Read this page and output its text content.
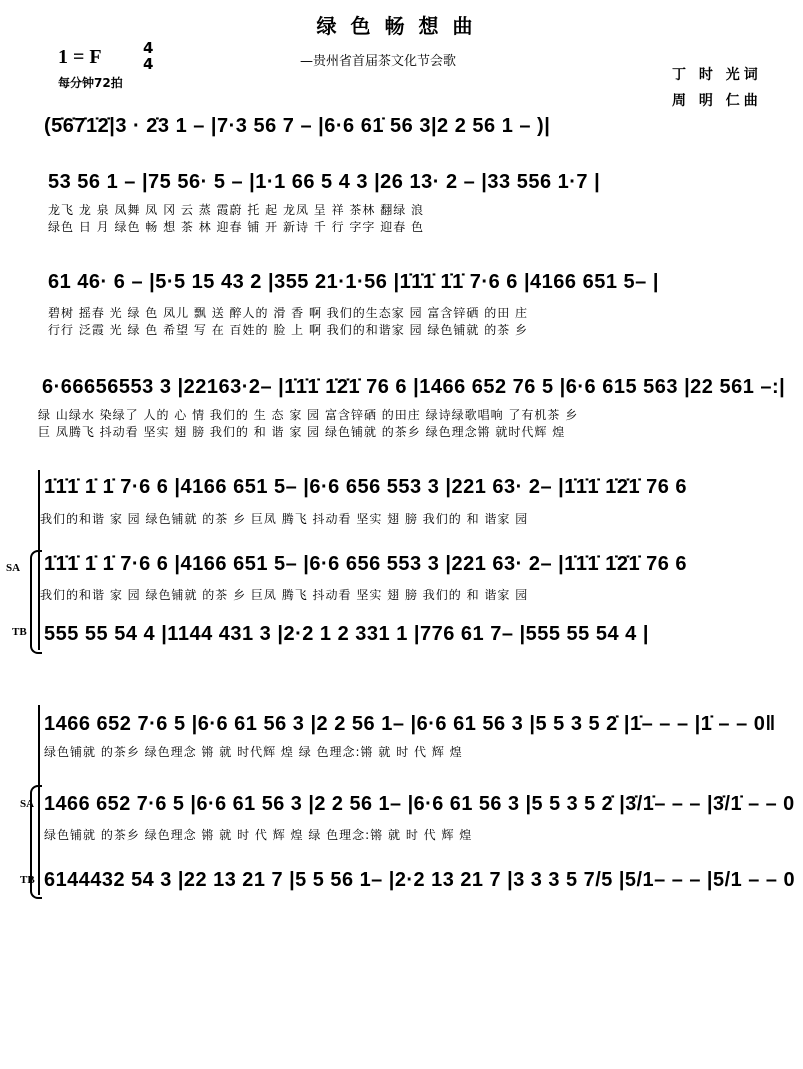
绿色畅想曲
—贵州省首届茶文化节会歌
1 = F	4
4
每分钟72拍	丁 时 光词
周 明 仁曲
(5̇6̇7̇1̇2̇|3 · 2̇3 1 – |7·3 56 7 – |6·6 61̇ 56 3|2 2 56 1 – )|
53 56 1 – |75 56· 5 – |1·1 66 5 4 3 |26 13· 2 – |33 556 1·7 |
龙飞 龙 泉 凤舞 凤 冈 云 蒸 霞蔚 托 起 龙凤 呈 祥 茶林 翻绿 浪
绿色 日 月 绿色 畅 想 茶 林 迎春 铺 开 新诗 千 行 字字 迎春 色
61 46· 6 – |5·5 15 43 2 |355 21·1·56 |1̇1̇1̇ 1̇1̇ 7·6 6 |4166 651 5– |
碧树 摇春 光 绿 色 凤儿 飘 送 醉人的 滑 香 啊 我们的生态家 园 富含锌硒 的田 庄
行行 泛霞 光 绿 色 希望 写 在 百姓的 脸 上 啊 我们的和谐家 园 绿色铺就 的茶 乡
6·66656553 3 |22163·2– |1̇1̇1̇ 1̇2̇1̇ 76 6 |1466 652 76 5 |6·6 615 563 |22 561 –:|
绿 山绿水 染绿了 人的 心 情 我们的 生 态 家 园 富含锌硒 的田庄 绿诗绿歌唱响 了有机茶 乡
巨 凤腾飞 抖动看 坚实 翅 膀 我们的 和 谐 家 园 绿色铺就 的茶乡 绿色理念锵 就时代辉 煌
1̇1̇1̇ 1̇ 1̇ 7·6 6 |4166 651 5– |6·6 656 553 3 |221 63· 2– |1̇1̇1̇ 1̇2̇1̇ 76 6
我们的和谐 家 园 绿色铺就 的茶 乡 巨凤 腾飞 抖动看 坚实 翅 膀 我们的 和 谐家 园
SA 1̇1̇1̇ 1̇ 1̇ 7·6 6 |4166 651 5– |6·6 656 553 3 |221 63· 2– |1̇1̇1̇ 1̇2̇1̇ 76 6
我们的和谐 家 园 绿色铺就 的茶 乡 巨凤 腾飞 抖动看 坚实 翅 膀 我们的 和 谐家 园
TB 555 55 54 4 |1144 431 3 |2·2 1 2 331 1 |776 61 7– |555 55 54 4 |
1466 652 7·6 5 |6·6 61 56 3 |2 2 56 1– |6·6 61 56 3 |5 5 3 5 2̇ |1̇– – – |1̇ – – 0‖
绿色铺就 的茶乡 绿色理念 锵 就 时代辉 煌 绿 色理念:锵 就 时 代 辉 煌
SA 1466 652 7·6 5 |6·6 61 56 3 |2 2 56 1– |6·6 61 56 3 |5 5 3 5 2̇ |3̇/1̇– – – |3̇/1̇ – – 0
绿色铺就 的茶乡 绿色理念 锵 就 时 代 辉 煌 绿 色理念:锵 就 时 代 辉 煌
TB 6144432 54 3 |22 13 21 7 |5 5 56 1– |2·2 13 21 7 |3 3 3 5 7/5 |5/1– – – |5/1 – – 0
